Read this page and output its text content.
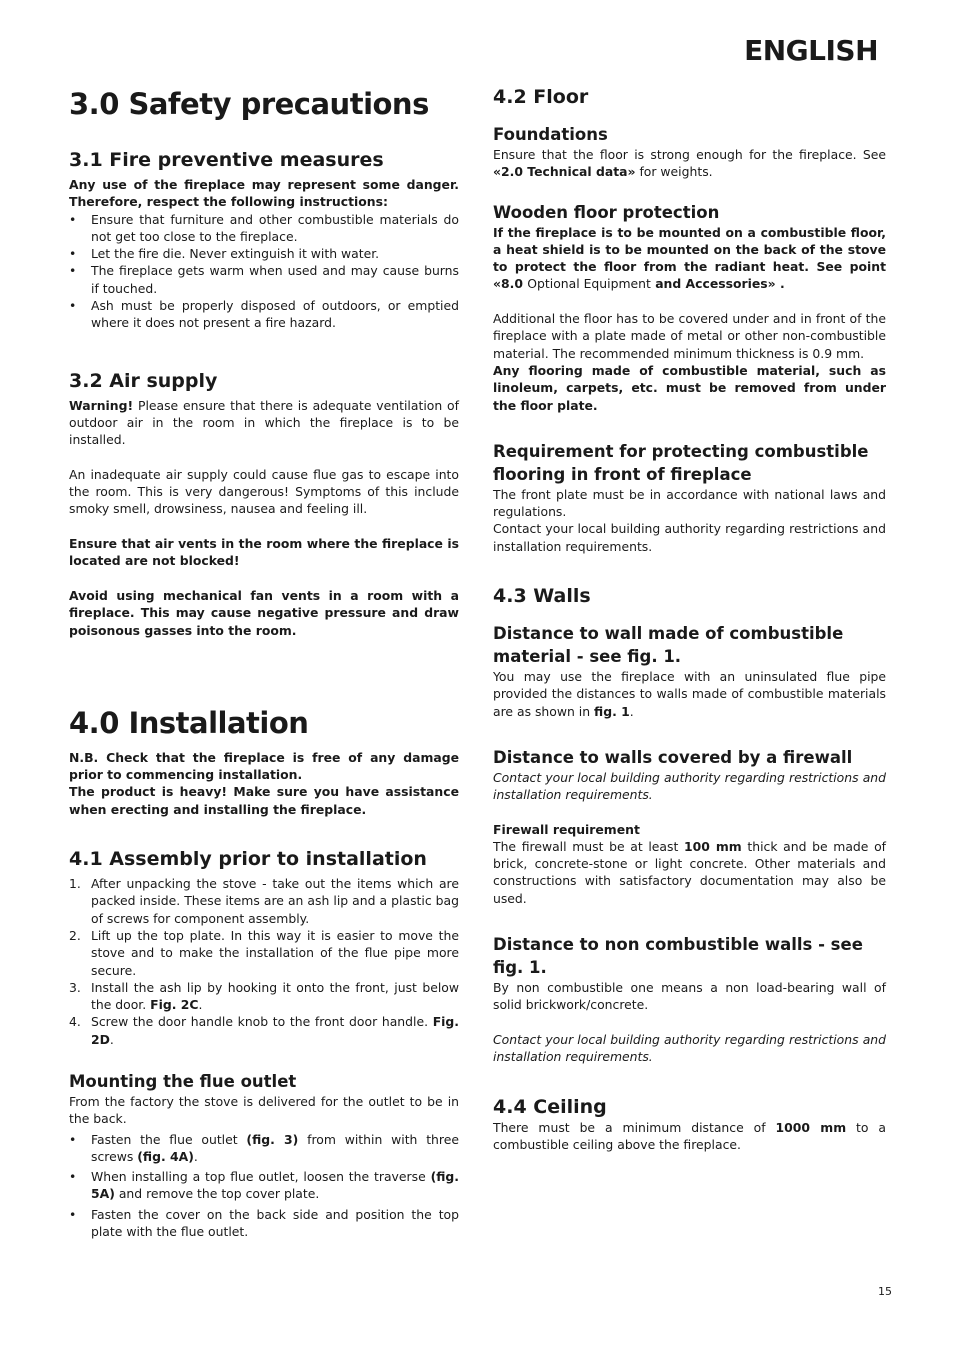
ENGLISH
3.0 Safety precautions
3.1 Fire preventive measures

Any use of the fireplace may represent some danger. Therefore, respect the following instructions:

• Ensure that furniture and other combustible materials do not get too close to the fireplace.
• Let the fire die. Never extinguish it with water.
• The fireplace gets warm when used and may cause burns if touched.
• Ash must be properly disposed of outdoors, or emptied where it does not present a fire hazard.
3.2 Air supply

Warning! Please ensure that there is adequate ventilation of outdoor air in the room in which the fireplace is to be installed.

An inadequate air supply could cause flue gas to escape into the room. This is very dangerous! Symptoms of this include smoky smell, drowsiness, nausea and feeling ill.

Ensure that air vents in the room where the fireplace is located are not blocked!

Avoid using mechanical fan vents in a room with a fireplace. This may cause negative pressure and draw poisonous gasses into the room.

4.0 Installation

N.B. Check that the fireplace is free of any damage prior to commencing installation.

The product is heavy! Make sure you have assistance when erecting and installing the fireplace.

4.1 Assembly prior to installation
1. After unpacking the stove - take out the items which are packed inside. These items are an ash lip and a plastic bag of screws for component assembly.
2. Lift up the top plate. In this way it is easier to move the stove and to make the installation of the flue pipe more secure.
3. Install the ash lip by hooking it onto the front, just below the door. Fig. 2C.
4. Screw the door handle knob to the front door handle. Fig. 2D.
Mounting the flue outlet

From the factory the stove is delivered for the outlet to be in the back.

• Fasten the flue outlet (fig. 3) from within with three screws (fig. 4A).
• When installing a top flue outlet, loosen the traverse (fig. 5A) and remove the top cover plate.
• Fasten the cover on the back side and position the top plate with the flue outlet.
4.2 Floor
Foundations

Ensure that the floor is strong enough for the fireplace. See «2.0 Technical data» for weights.

Wooden floor protection

If the fireplace is to be mounted on a combustible floor, a heat shield is to be mounted on the back of the stove to protect the floor from the radiant heat. See point «8.0 Optional Equipment and Accessories» .

Additional the floor has to be covered under and in front of the fireplace with a plate made of metal or other non-combustible material. The recommended minimum thickness is 0.9 mm.

Any flooring made of combustible material, such as linoleum, carpets, etc. must be removed from under the floor plate.

Requirement for protecting combustible flooring in front of fireplace

The front plate must be in accordance with national laws and regulations.

Contact your local building authority regarding restrictions and installation requirements.

4.3 Walls
Distance to wall made of combustible material - see fig. 1.

You may use the fireplace with an uninsulated flue pipe provided the distances to walls made of combustible materials are as shown in fig. 1.

Distance to walls covered by a firewall

Contact your local building authority regarding restrictions and installation requirements.

Firewall requirement

The firewall must be at least 100 mm thick and be made of brick, concrete-stone or light concrete. Other materials and constructions with satisfactory documentation may also be used.

Distance to non combustible walls - see fig. 1.

By non combustible one means a non load-bearing wall of solid brickwork/concrete.

Contact your local building authority regarding restrictions and installation requirements.

4.4 Ceiling

There must be a minimum distance of 1000 mm to a combustible ceiling above the fireplace.

15
